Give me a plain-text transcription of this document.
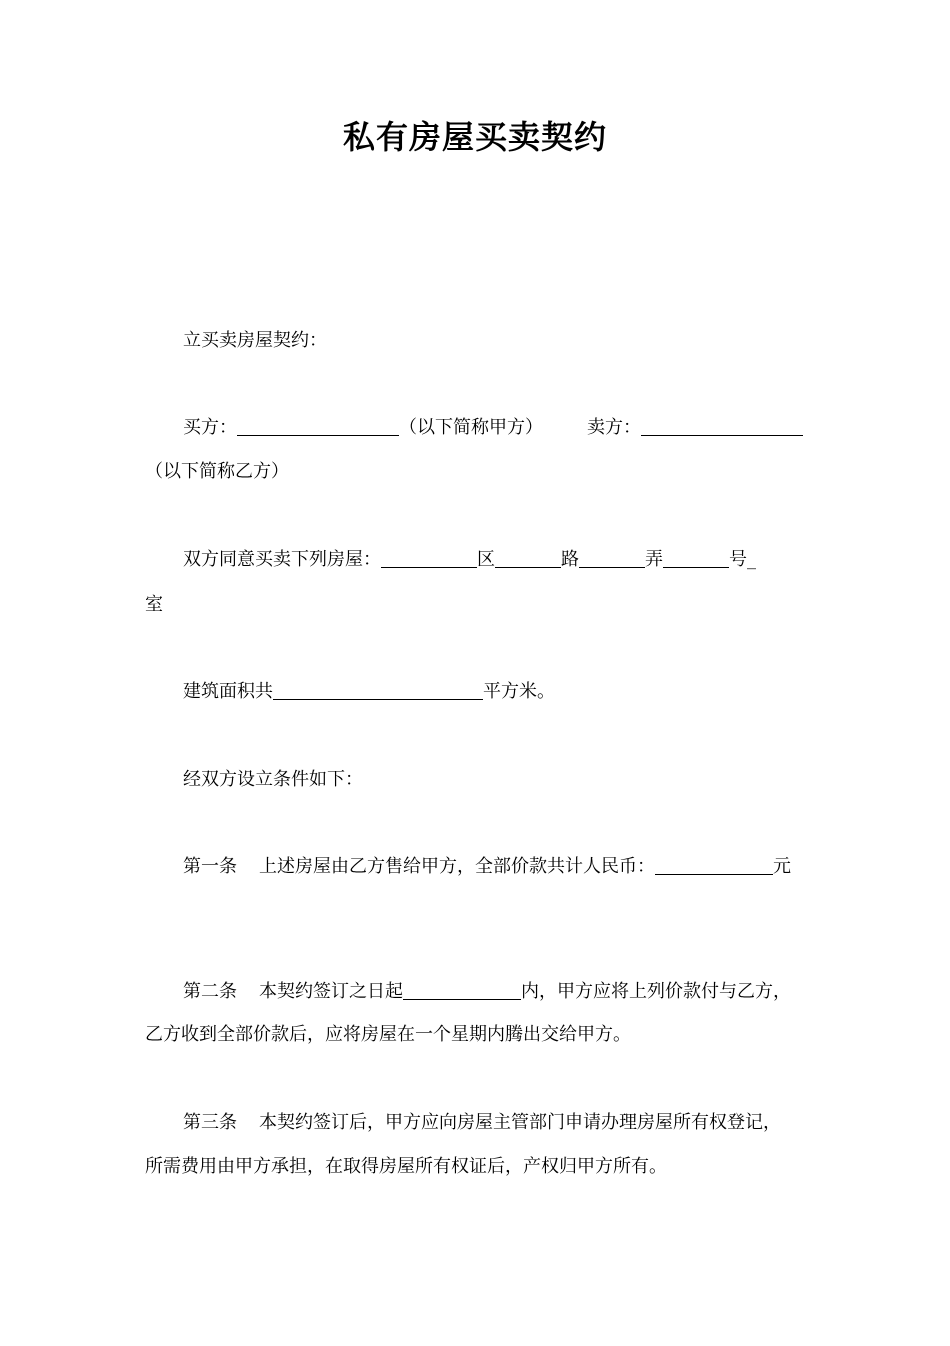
私有房屋买卖契约
立买卖房屋契约：
买方：	（以下简称甲方） 卖方：
（以下简称乙方）
双方同意买卖下列房屋：	区	路	弄	号_
室
建筑面积共	平方米。
经双方设立条件如下：
第一条 上述房屋由乙方售给甲方，全部价款共计人民币：	元
第二条 本契约签订之日起	内，甲方应将上列价款付与乙方，
乙方收到全部价款后，应将房屋在一个星期内腾出交给甲方。
第三条 本契约签订后，甲方应向房屋主管部门申请办理房屋所有权登记，
所需费用由甲方承担，在取得房屋所有权证后，产权归甲方所有。
